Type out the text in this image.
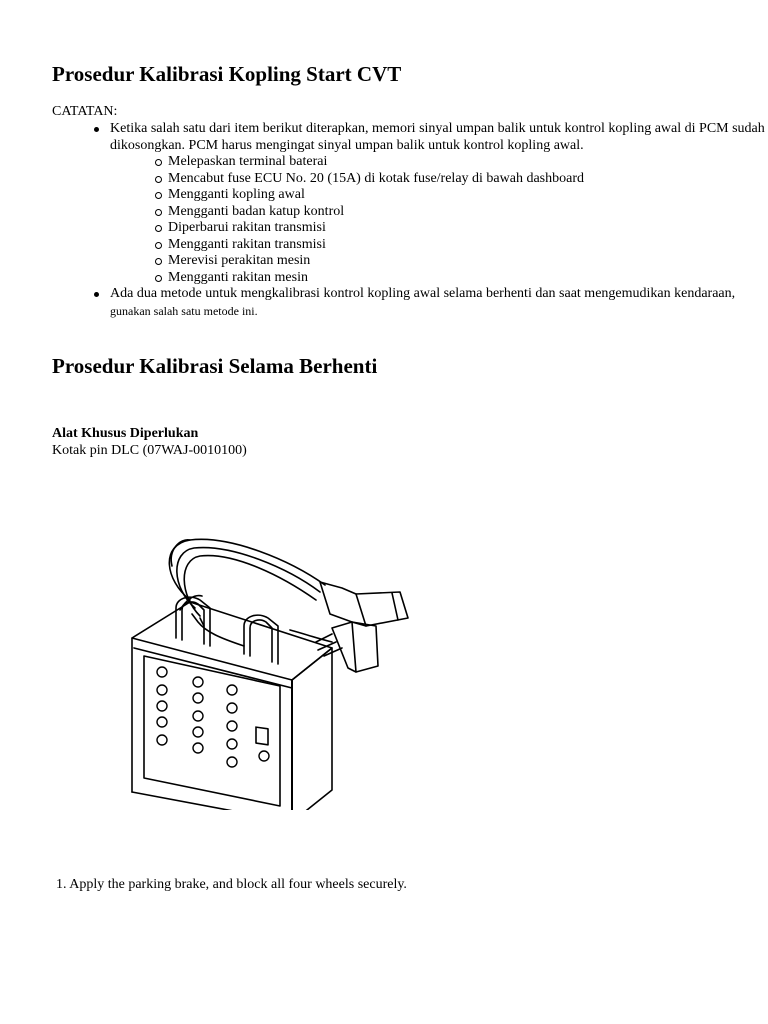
Prosedur Kalibrasi Kopling Start CVT
CATATAN:
Ketika salah satu dari item berikut diterapkan, memori sinyal umpan balik untuk kontrol kopling awal di PCM sudah dikosongkan. PCM harus mengingat sinyal umpan balik untuk kontrol kopling awal.
Melepaskan terminal baterai
Mencabut fuse ECU No. 20 (15A) di kotak fuse/relay di bawah dashboard
Mengganti kopling awal
Mengganti badan katup kontrol
Diperbarui rakitan transmisi
Mengganti rakitan transmisi
Merevisi perakitan mesin
Mengganti rakitan mesin
Ada dua metode untuk mengkalibrasi kontrol kopling awal selama berhenti dan saat mengemudikan kendaraan,
gunakan salah satu metode ini.
Prosedur Kalibrasi Selama Berhenti
Alat Khusus Diperlukan
Kotak pin DLC (07WAJ-0010100)
1. Apply the parking brake, and block all four wheels securely.
